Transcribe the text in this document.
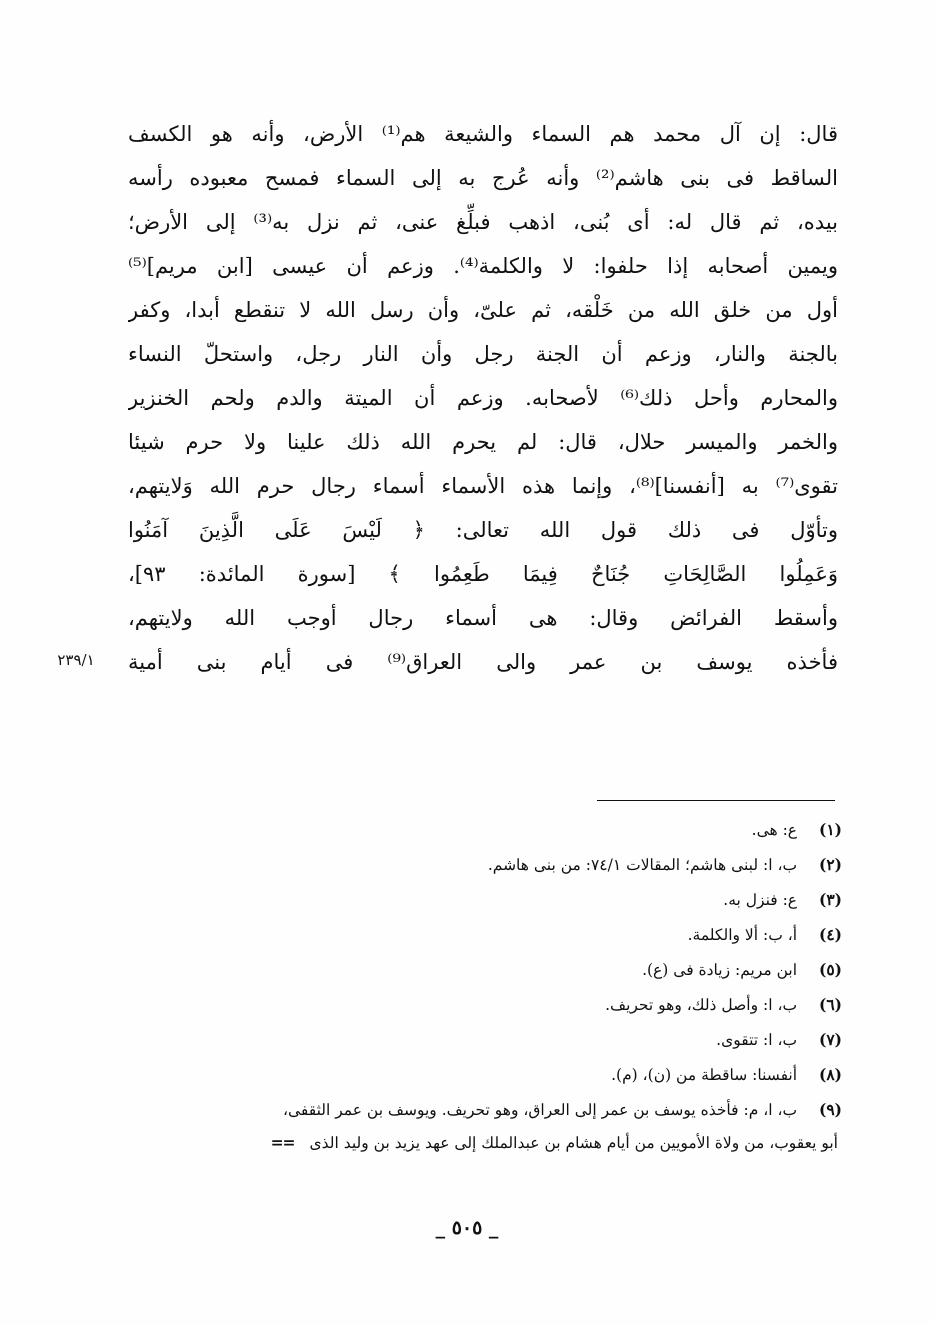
قال: إن آل محمد هم السماء والشيعة هم⁽¹⁾ الأرض، وأنه هو الكسف
الساقط فى بنى هاشم⁽²⁾ وأنه عُرج به إلى السماء فمسح معبوده رأسه
بيده، ثم قال له: أى بُنى، اذهب فبلِّغ عنى، ثم نزل به⁽³⁾ إلى الأرض؛
ويمين أصحابه إذا حلفوا: لا والكلمة⁽⁴⁾. وزعم أن عيسى [ابن مريم]⁽⁵⁾
أول من خلق الله من خَلْقه، ثم علىّ، وأن رسل الله لا تنقطع أبدا، وكفر
بالجنة والنار، وزعم أن الجنة رجل وأن النار رجل، واستحلّ النساء
والمحارم وأحل ذلك⁽⁶⁾ لأصحابه. وزعم أن الميتة والدم ولحم الخنزير
والخمر والميسر حلال، قال: لم يحرم الله ذلك علينا ولا حرم شيئا
تقوى⁽⁷⁾ به [أنفسنا]⁽⁸⁾، وإنما هذه الأسماء أسماء رجال حرم الله وَلايتهم،
وتأوّل فى ذلك قول الله تعالى: ﴿ لَيْسَ عَلَى الَّذِينَ آمَنُوا
وَعَمِلُوا الصَّالِحَاتِ جُنَاحٌ فِيمَا طَعِمُوا ﴾ [سورة المائدة: ٩٣]،
وأسقط الفرائض وقال: هى أسماء رجال أوجب الله ولايتهم،
فأخذه يوسف بن عمر والى العراق⁽⁹⁾ فى أيام بنى أمية
٢٣٩/١
(١) ع: هى.
(٢) ب، ا: لبنى هاشم؛ المقالات ٧٤/١: من بنى هاشم.
(٣) ع: فنزل به.
(٤) أ، ب: ألا والكلمة.
(٥) ابن مريم: زيادة فى (ع).
(٦) ب، ا: وأصل ذلك، وهو تحريف.
(٧) ب، ا: تتقوى.
(٨) أنفسنا: ساقطة من (ن)، (م).
(٩) ب، ا، م: فأخذه يوسف بن عمر إلى العراق، وهو تحريف. ويوسف بن عمر الثقفى،
أبو يعقوب، من ولاة الأمويين من أيام هشام بن عبدالملك إلى عهد يزيد بن وليد الذى ==
_ ٥٠٥ _
